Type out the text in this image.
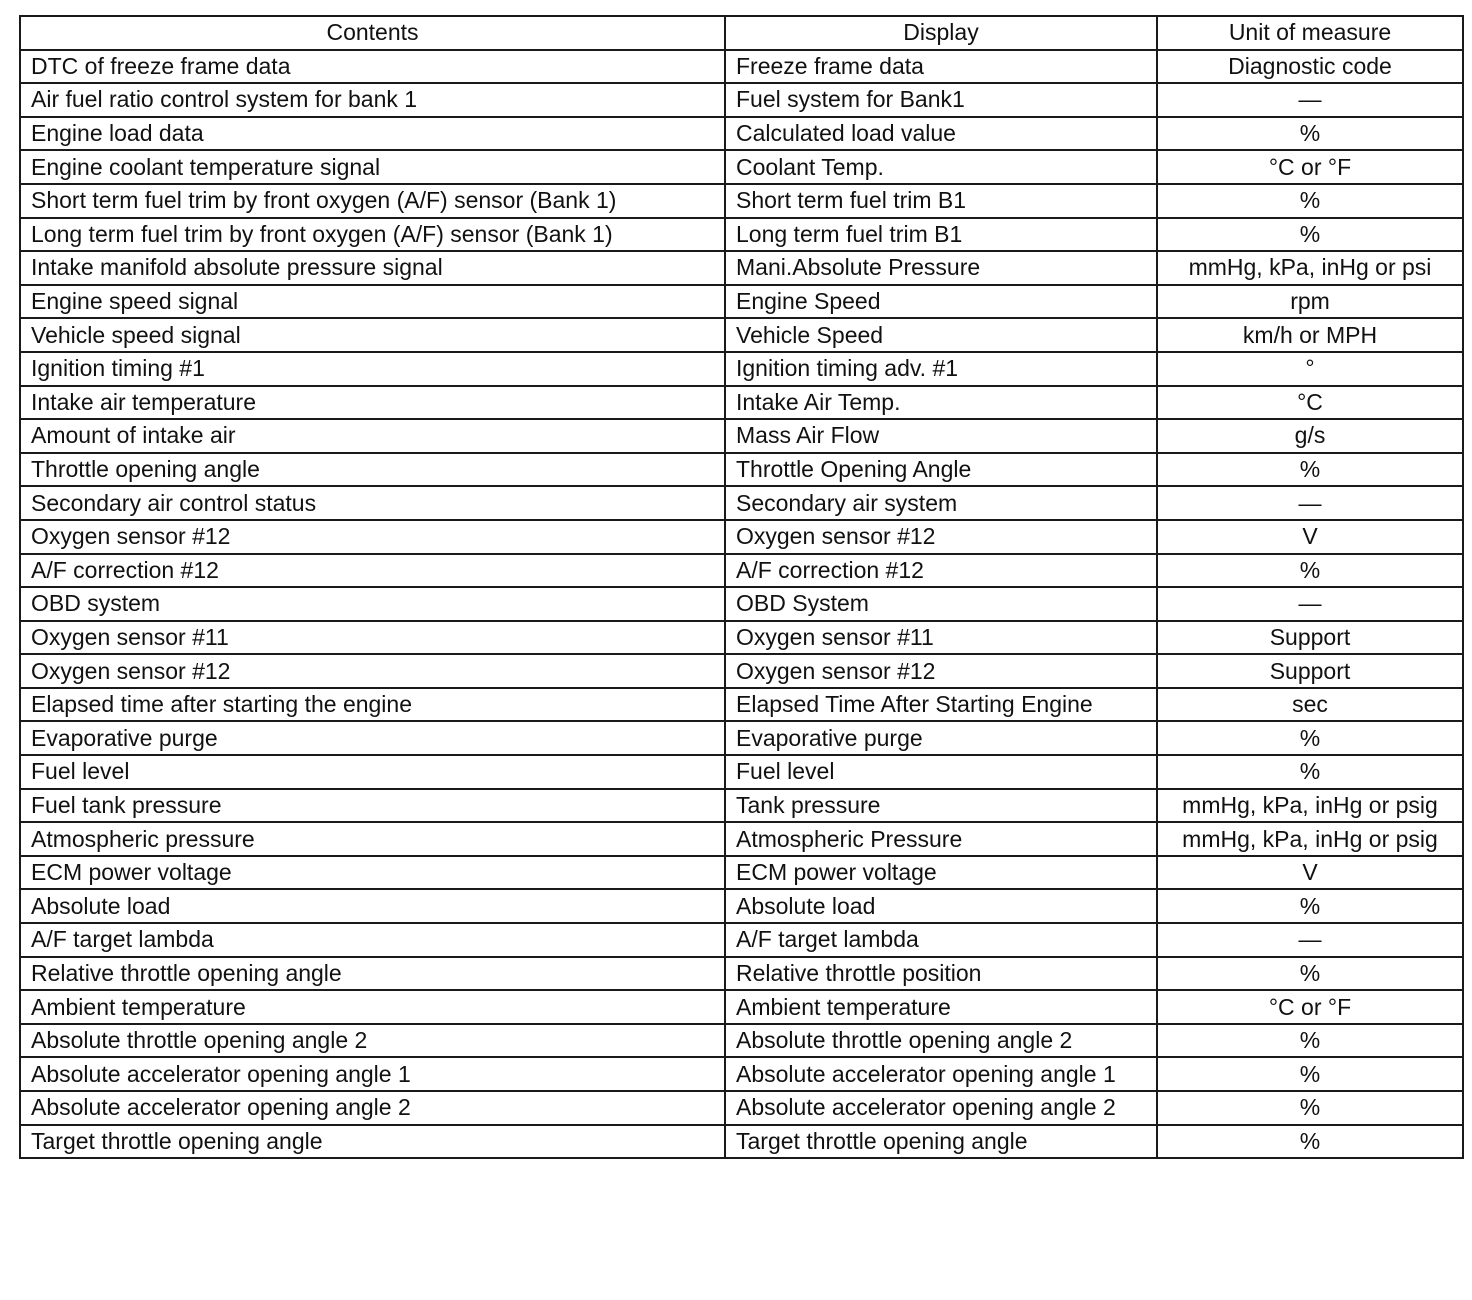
Contents	Display	Unit of measure
DTC of freeze frame data	Freeze frame data	Diagnostic code
Air fuel ratio control system for bank 1	Fuel system for Bank1	—
Engine load data	Calculated load value	%
Engine coolant temperature signal	Coolant Temp.	°C or °F
Short term fuel trim by front oxygen (A/F) sensor (Bank 1)	Short term fuel trim B1	%
Long term fuel trim by front oxygen (A/F) sensor (Bank 1)	Long term fuel trim B1	%
Intake manifold absolute pressure signal	Mani.Absolute Pressure	mmHg, kPa, inHg or psi
Engine speed signal	Engine Speed	rpm
Vehicle speed signal	Vehicle Speed	km/h or MPH
Ignition timing #1	Ignition timing adv. #1	°
Intake air temperature	Intake Air Temp.	°C
Amount of intake air	Mass Air Flow	g/s
Throttle opening angle	Throttle Opening Angle	%
Secondary air control status	Secondary air system	—
Oxygen sensor #12	Oxygen sensor #12	V
A/F correction #12	A/F correction #12	%
OBD system	OBD System	—
Oxygen sensor #11	Oxygen sensor #11	Support
Oxygen sensor #12	Oxygen sensor #12	Support
Elapsed time after starting the engine	Elapsed Time After Starting Engine	sec
Evaporative purge	Evaporative purge	%
Fuel level	Fuel level	%
Fuel tank pressure	Tank pressure	mmHg, kPa, inHg or psig
Atmospheric pressure	Atmospheric Pressure	mmHg, kPa, inHg or psig
ECM power voltage	ECM power voltage	V
Absolute load	Absolute load	%
A/F target lambda	A/F target lambda	—
Relative throttle opening angle	Relative throttle position	%
Ambient temperature	Ambient temperature	°C or °F
Absolute throttle opening angle 2	Absolute throttle opening angle 2	%
Absolute accelerator opening angle 1	Absolute accelerator opening angle 1	%
Absolute accelerator opening angle 2	Absolute accelerator opening angle 2	%
Target throttle opening angle	Target throttle opening angle	%
